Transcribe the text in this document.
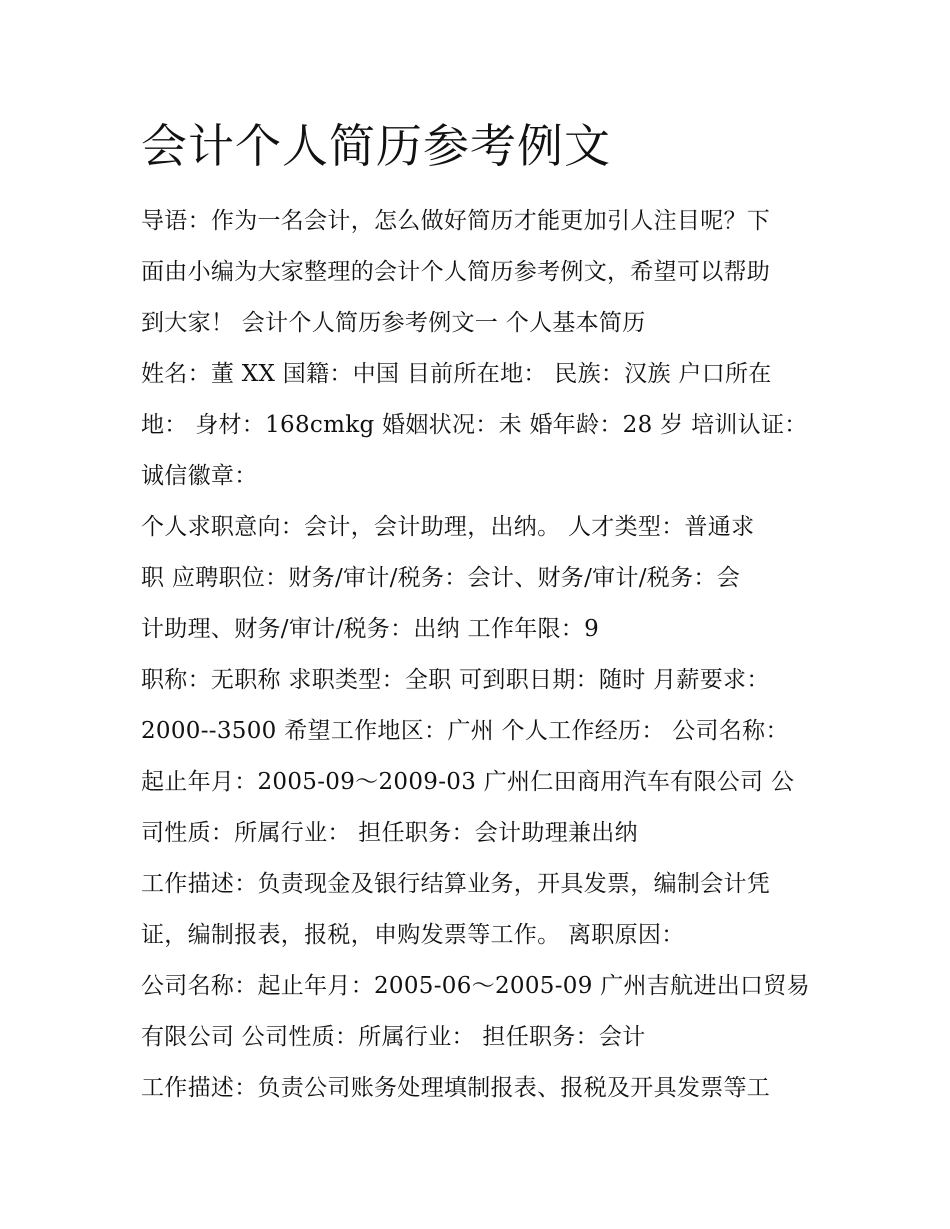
会计个人简历参考例文
导语：作为一名会计，怎么做好简历才能更加引人注目呢？下
面由小编为大家整理的会计个人简历参考例文，希望可以帮助
到大家！ 会计个人简历参考例文一 个人基本简历
姓名：董 XX 国籍：中国 目前所在地： 民族：汉族 户口所在
地： 身材：168cmkg 婚姻状况：未 婚年龄：28 岁 培训认证：
诚信徽章：
个人求职意向：会计，会计助理，出纳。 人才类型：普通求
职 应聘职位：财务/审计/税务：会计、财务/审计/税务：会
计助理、财务/审计/税务：出纳 工作年限：9
职称：无职称 求职类型：全职 可到职日期：随时 月薪要求：
2000--3500 希望工作地区：广州 个人工作经历： 公司名称：
起止年月：2005-09～2009-03 广州仁田商用汽车有限公司 公
司性质：所属行业： 担任职务：会计助理兼出纳
工作描述：负责现金及银行结算业务，开具发票，编制会计凭
证，编制报表，报税，申购发票等工作。 离职原因：
公司名称：起止年月：2005-06～2005-09 广州吉航进出口贸易
有限公司 公司性质：所属行业： 担任职务：会计
工作描述：负责公司账务处理填制报表、报税及开具发票等工
